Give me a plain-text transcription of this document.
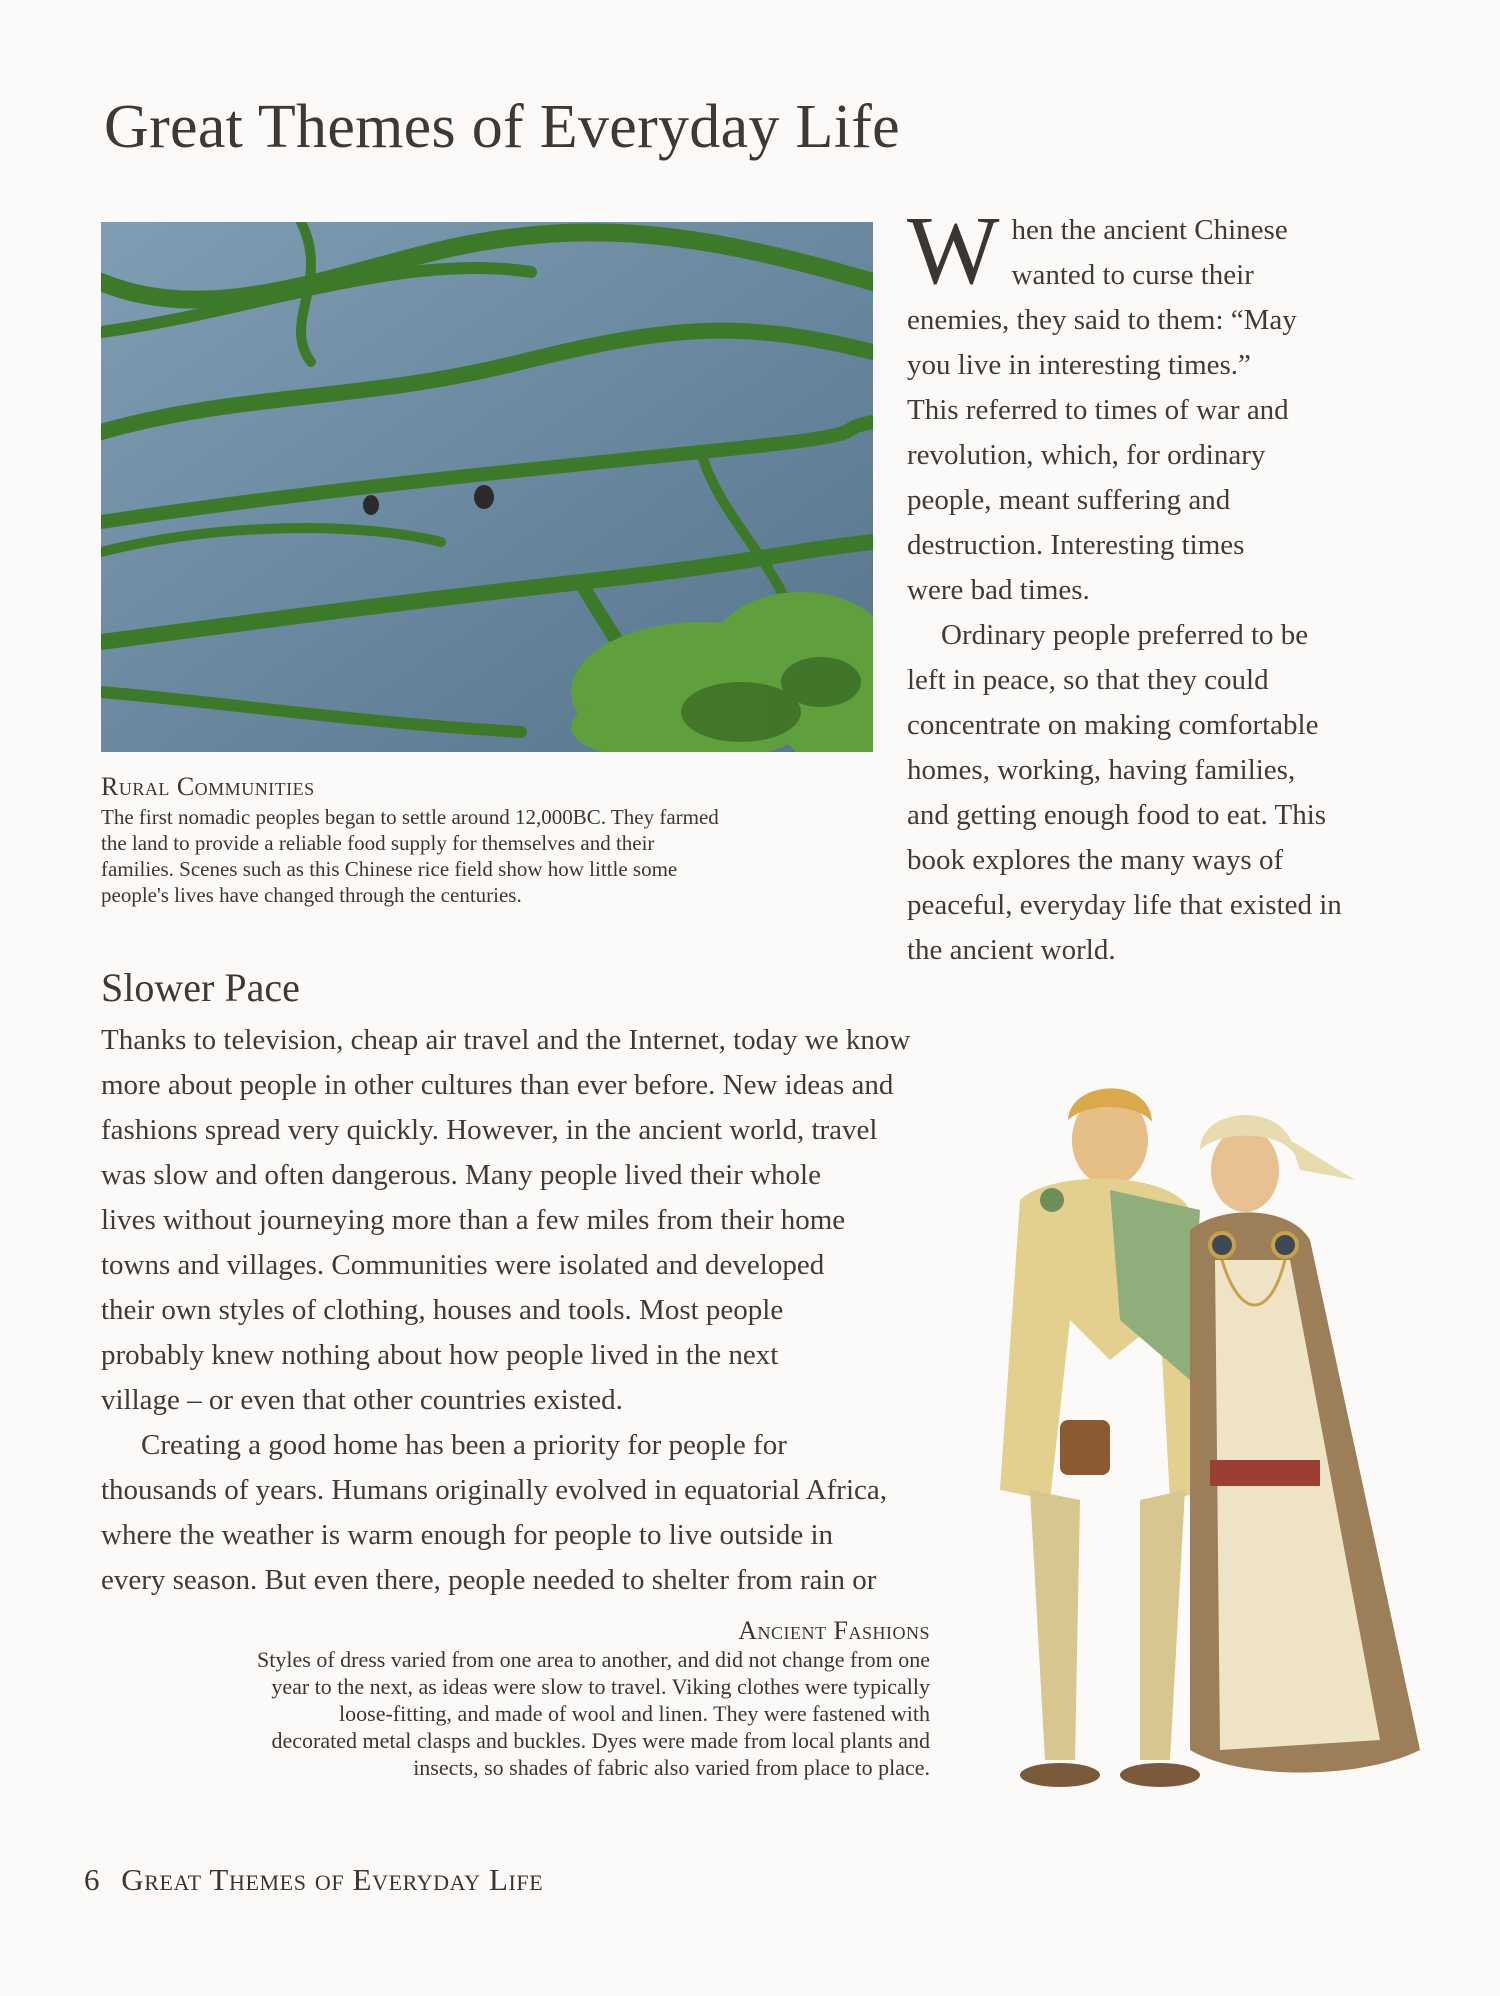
Great Themes of Everyday Life
Rural Communities
The first nomadic peoples began to settle around 12,000BC. They farmed
the land to provide a reliable food supply for themselves and their
families. Scenes such as this Chinese rice field show how little some
people's lives have changed through the centuries.

W hen the ancient Chinese
wanted to curse their
enemies, they said to them: “May
you live in interesting times.”
This referred to times of war and
revolution, which, for ordinary
people, meant suffering and
destruction. Interesting times
were bad times.

Ordinary people preferred to be
left in peace, so that they could
concentrate on making comfortable
homes, working, having families,
and getting enough food to eat. This
book explores the many ways of
peaceful, everyday life that existed in
the ancient world.

Slower Pace
Thanks to television, cheap air travel and the Internet, today we know
more about people in other cultures than ever before. New ideas and
fashions spread very quickly. However, in the ancient world, travel
was slow and often dangerous. Many people lived their whole
lives without journeying more than a few miles from their home
towns and villages. Communities were isolated and developed
their own styles of clothing, houses and tools. Most people
probably knew nothing about how people lived in the next
village – or even that other countries existed.
Creating a good home has been a priority for people for
thousands of years. Humans originally evolved in equatorial Africa,
where the weather is warm enough for people to live outside in
every season. But even there, people needed to shelter from rain or
Ancient Fashions
Styles of dress varied from one area to another, and did not change from one
year to the next, as ideas were slow to travel. Viking clothes were typically
loose-fitting, and made of wool and linen. They were fastened with
decorated metal clasps and buckles. Dyes were made from local plants and
insects, so shades of fabric also varied from place to place.
6 Great Themes of Everyday Life
